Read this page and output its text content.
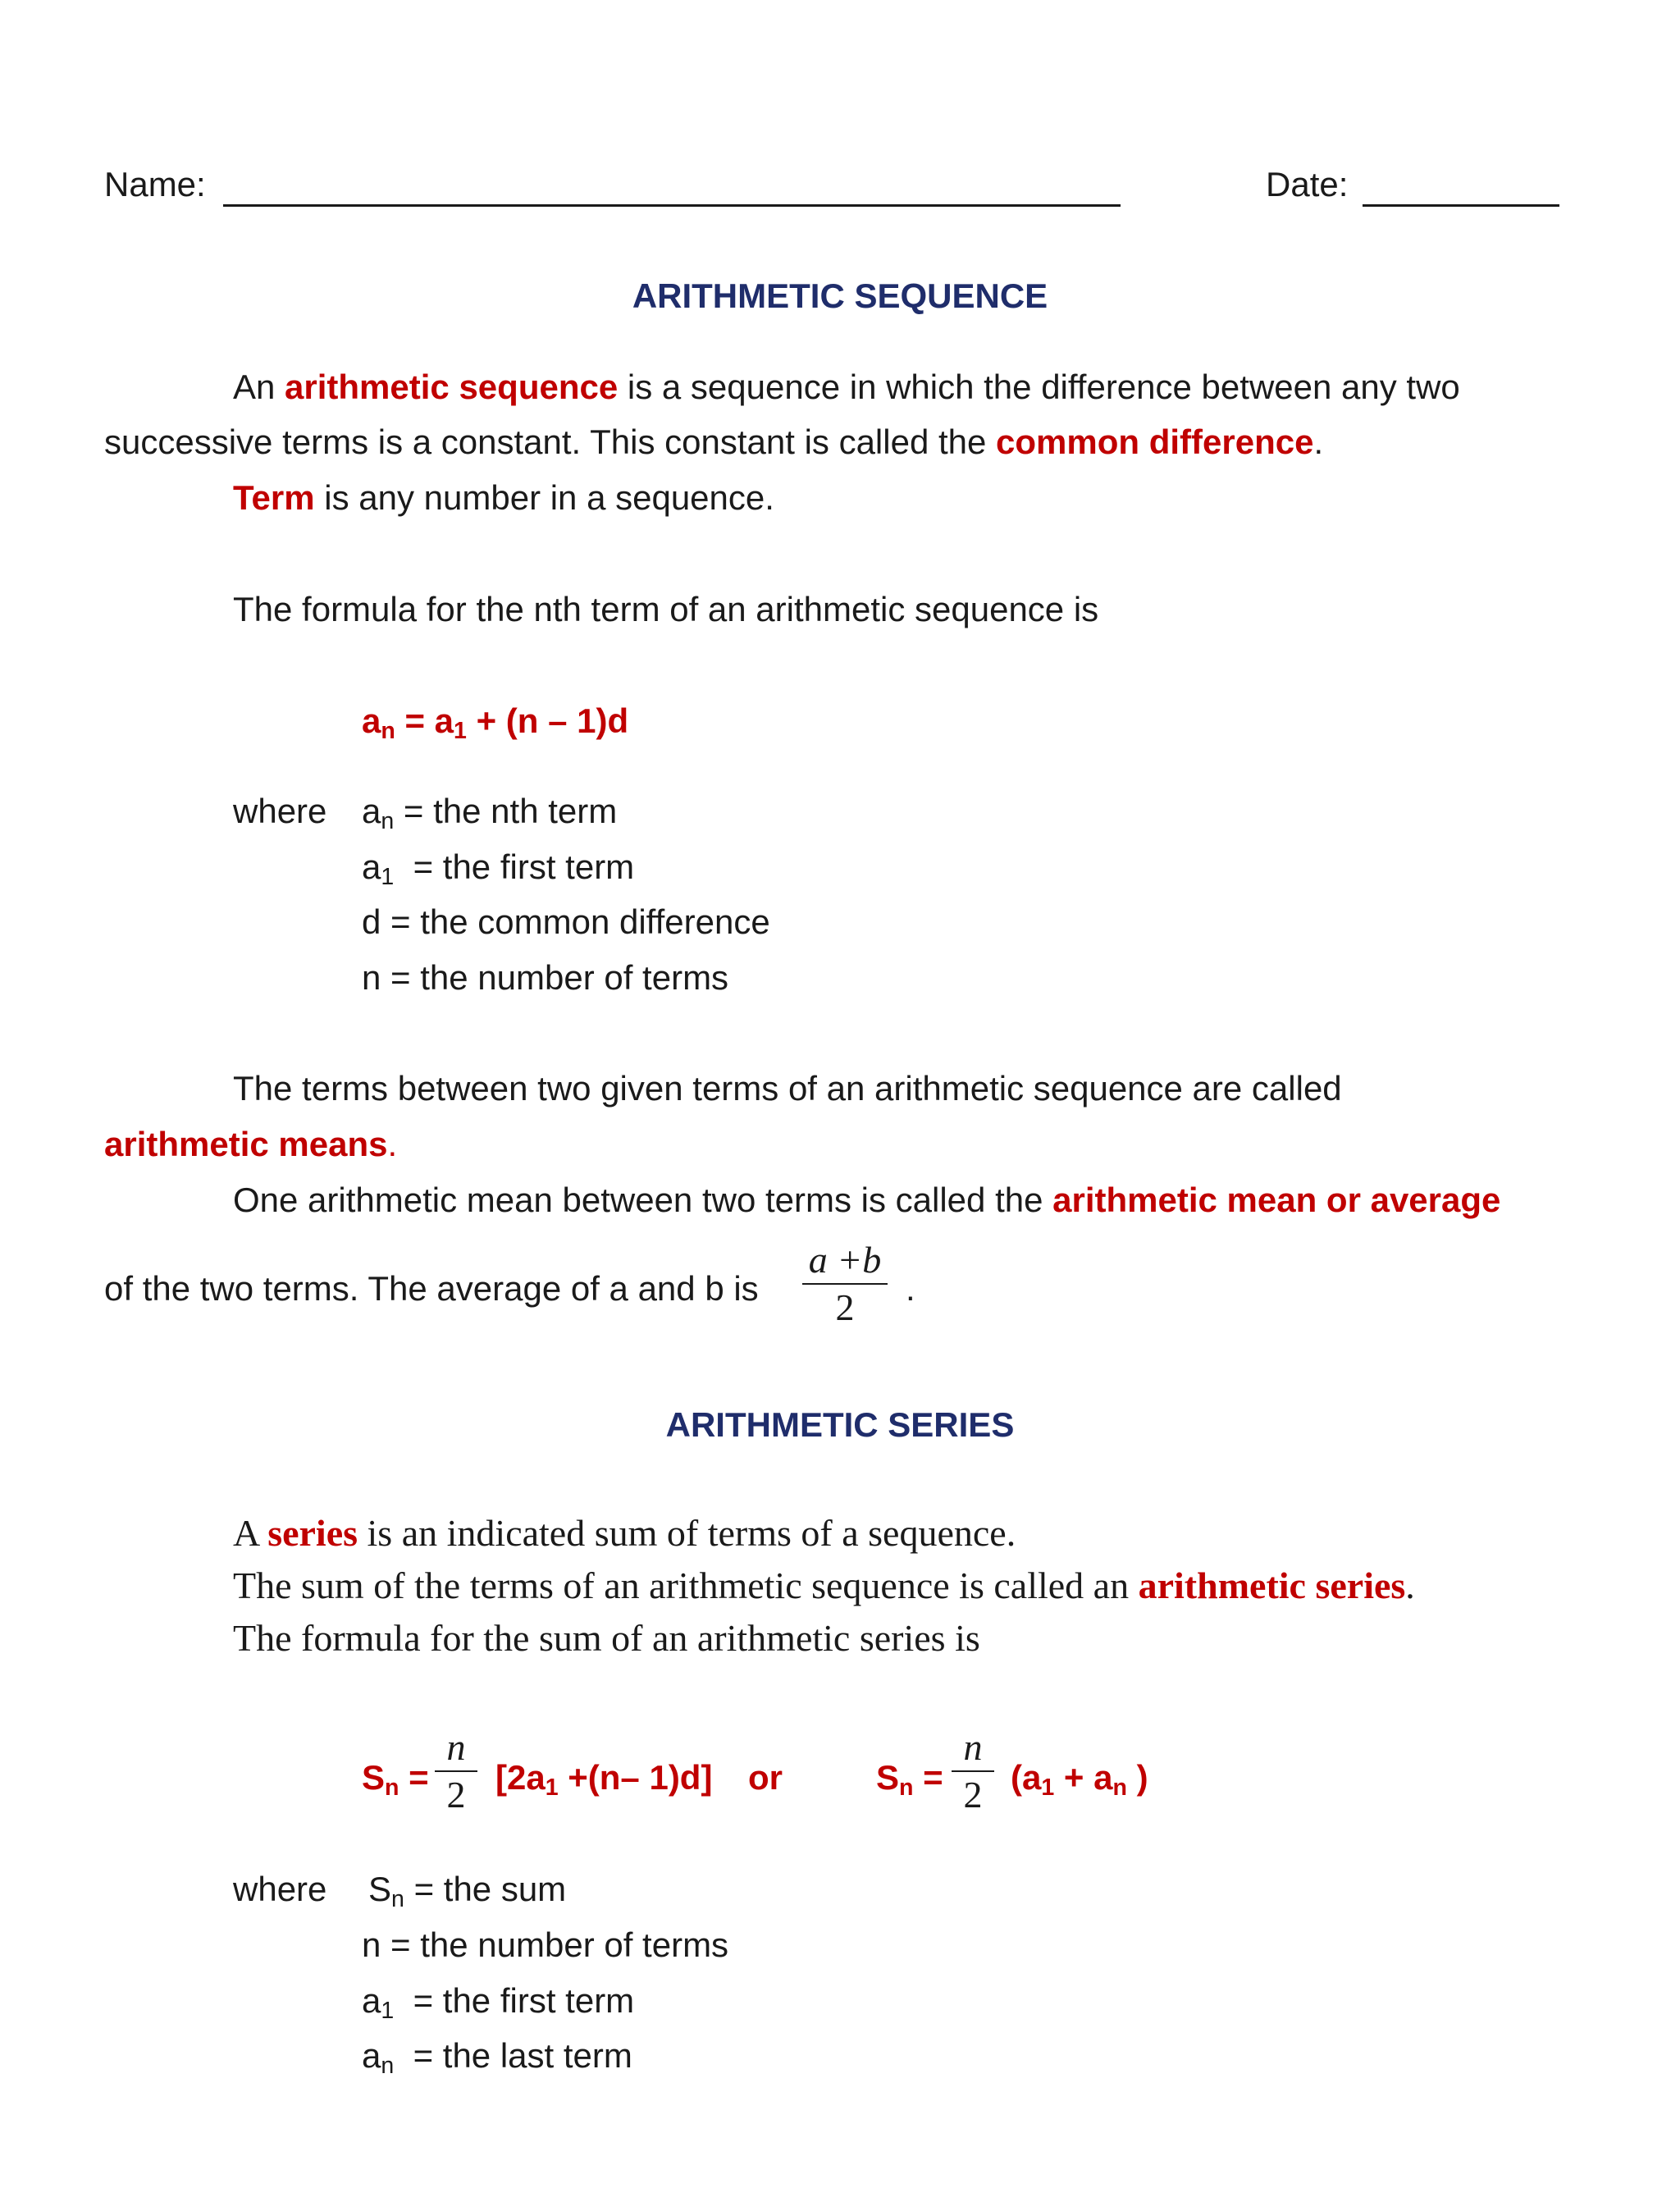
Name:	Date:
ARITHMETIC SEQUENCE
An arithmetic sequence is a sequence in which the difference between any two
successive terms is a constant. This constant is called the common difference.
Term is any number in a sequence.
The formula for the nth term of an arithmetic sequence is
$a_n = a_1 + (n - 1)d$
where $a_n$ = the nth term
$a_1$  = the first term
d = the common difference
n = the number of terms
The terms between two given terms of an arithmetic sequence are called
arithmetic means.
One arithmetic mean between two terms is called the arithmetic mean or average
of the two terms. The average of a and b is
a +b
2	.
ARITHMETIC SERIES
A series is an indicated sum of terms of a sequence.
The sum of the terms of an arithmetic sequence is called an arithmetic series.
The formula for the sum of an arithmetic series is
$S_n$ =
n
2 [$2a_1 +(n-$ 1)d] or	$S_n$ =
n
2 ($a_1 + a_n$ )
where $S_n$ = the sum
n = the number of terms
$a_1$  = the first term
$a_n$  = the last term
